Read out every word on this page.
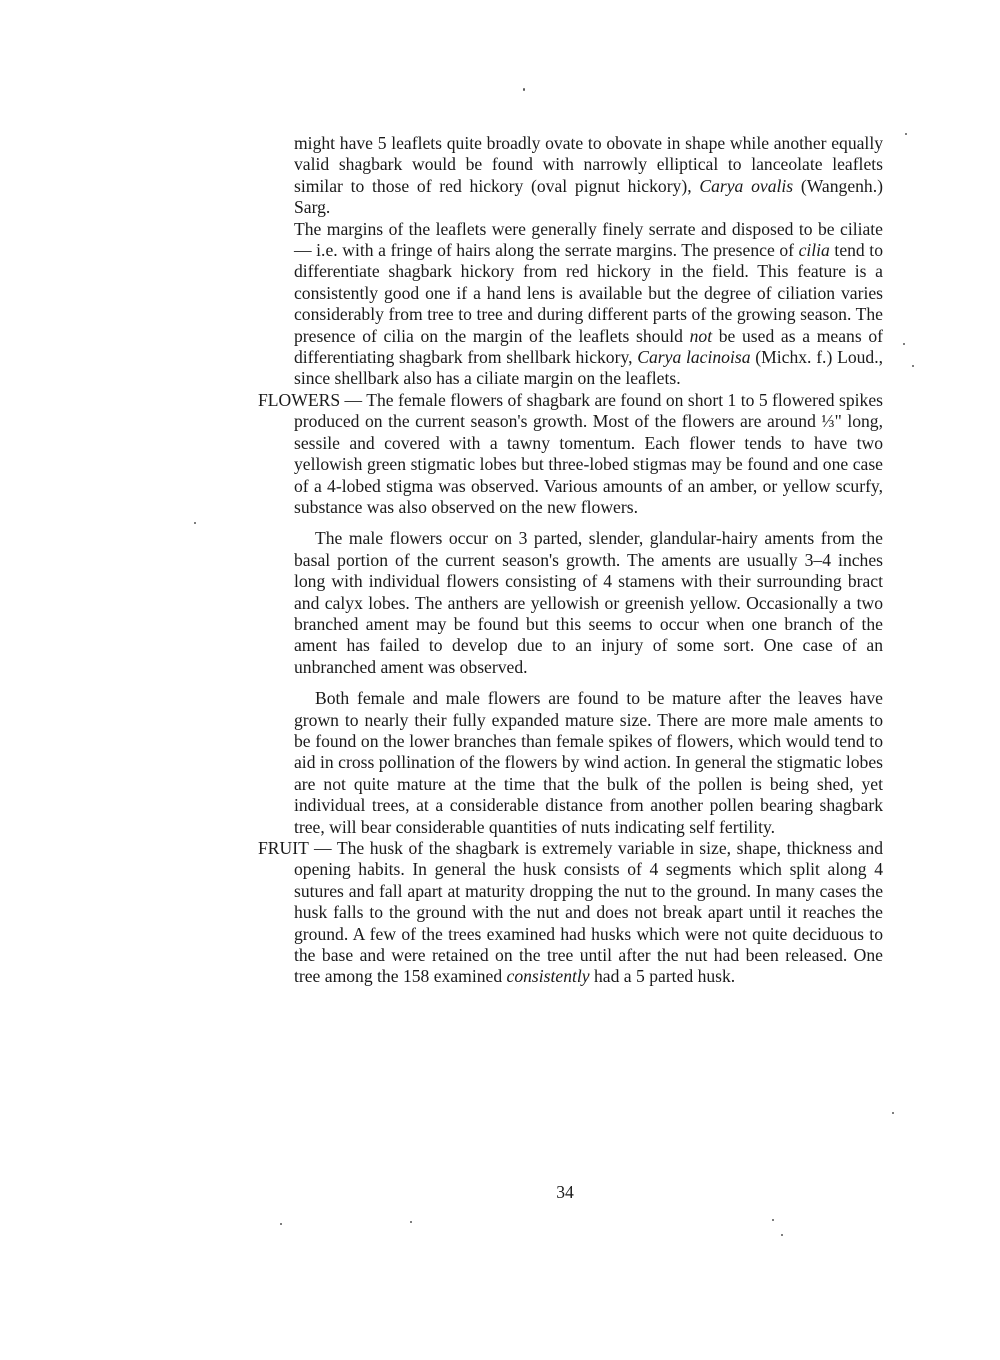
might have 5 leaflets quite broadly ovate to obovate in shape while another equally valid shagbark would be found with narrowly elliptical to lanceolate leaflets similar to those of red hickory (oval pignut hickory), Carya ovalis (Wangenh.) Sarg.

The margins of the leaflets were generally finely serrate and disposed to be ciliate — i.e. with a fringe of hairs along the serrate margins. The presence of cilia tend to differentiate shagbark hickory from red hickory in the field. This feature is a consistently good one if a hand lens is available but the degree of ciliation varies considerably from tree to tree and during different parts of the growing season. The presence of cilia on the margin of the leaflets should not be used as a means of differentiating shagbark from shellbark hickory, Carya lacinoisa (Michx. f.) Loud., since shellbark also has a ciliate margin on the leaflets.

FLOWERS — The female flowers of shagbark are found on short 1 to 5 flowered spikes produced on the current season's growth. Most of the flowers are around ⅓" long, sessile and covered with a tawny tomentum. Each flower tends to have two yellowish green stigmatic lobes but three-lobed stigmas may be found and one case of a 4-lobed stigma was observed. Various amounts of an amber, or yellow scurfy, substance was also observed on the new flowers.

The male flowers occur on 3 parted, slender, glandular-hairy aments from the basal portion of the current season's growth. The aments are usually 3–4 inches long with individual flowers consisting of 4 stamens with their surrounding bract and calyx lobes. The anthers are yellowish or greenish yellow. Occasionally a two branched ament may be found but this seems to occur when one branch of the ament has failed to develop due to an injury of some sort. One case of an unbranched ament was observed.

Both female and male flowers are found to be mature after the leaves have grown to nearly their fully expanded mature size. There are more male aments to be found on the lower branches than female spikes of flowers, which would tend to aid in cross pollination of the flowers by wind action. In general the stigmatic lobes are not quite mature at the time that the bulk of the pollen is being shed, yet individual trees, at a considerable distance from another pollen bearing shagbark tree, will bear considerable quantities of nuts indicating self fertility.

FRUIT — The husk of the shagbark is extremely variable in size, shape, thickness and opening habits. In general the husk consists of 4 segments which split along 4 sutures and fall apart at maturity dropping the nut to the ground. In many cases the husk falls to the ground with the nut and does not break apart until it reaches the ground. A few of the trees examined had husks which were not quite deciduous to the base and were retained on the tree until after the nut had been released. One tree among the 158 examined consistently had a 5 parted husk.

34
